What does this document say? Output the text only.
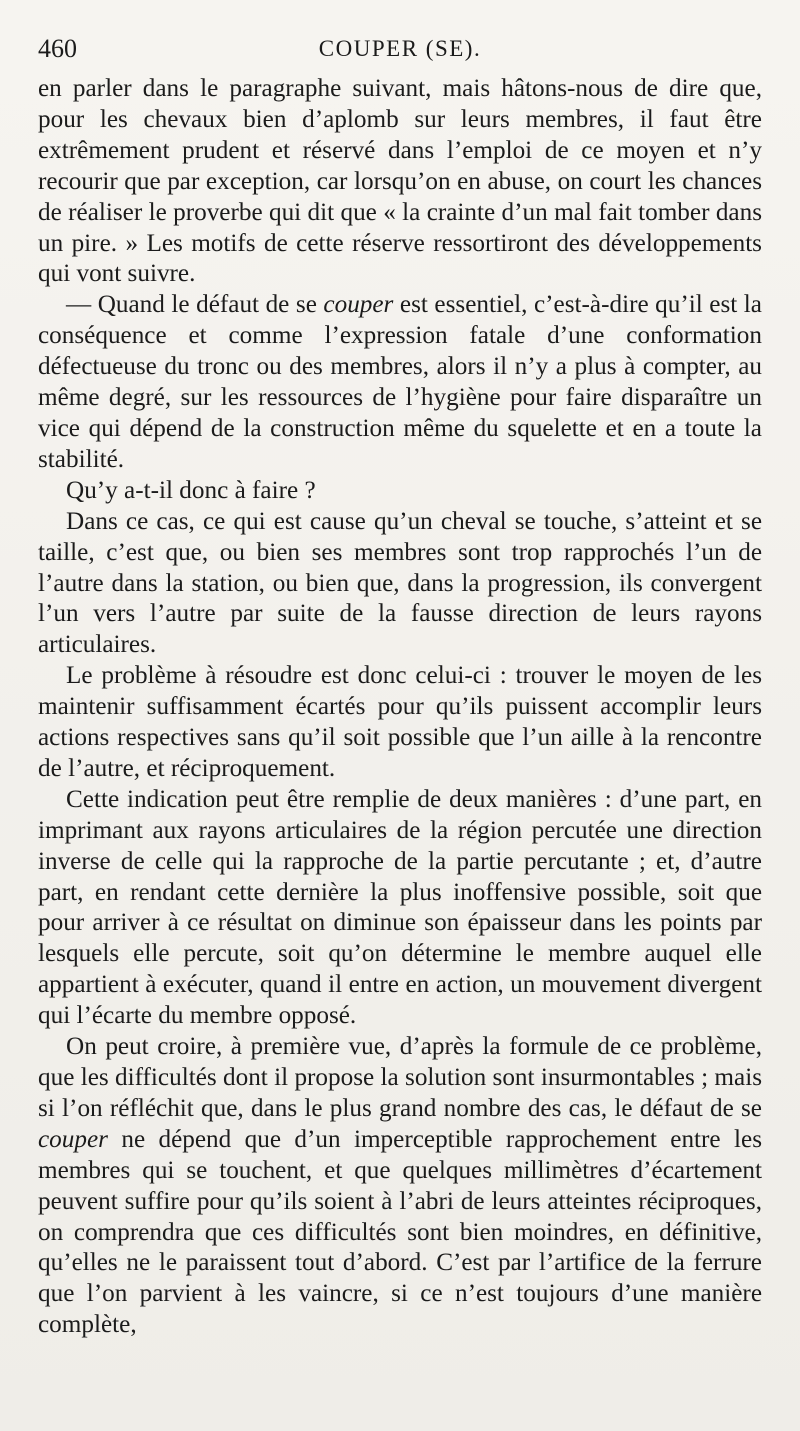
460	COUPER (SE).

en parler dans le paragraphe suivant, mais hâtons-nous de dire que, pour les chevaux bien d’aplomb sur leurs membres, il faut être extrêmement prudent et réservé dans l’emploi de ce moyen et n’y recourir que par exception, car lorsqu’on en abuse, on court les chances de réaliser le proverbe qui dit que « la crainte d’un mal fait tomber dans un pire. » Les motifs de cette réserve ressortiront des développements qui vont suivre.

— Quand le défaut de se couper est essentiel, c’est-à-dire qu’il est la conséquence et comme l’expression fatale d’une conformation défectueuse du tronc ou des membres, alors il n’y a plus à compter, au même degré, sur les ressources de l’hygiène pour faire disparaître un vice qui dépend de la construction même du squelette et en a toute la stabilité.

Qu’y a-t-il donc à faire ?

Dans ce cas, ce qui est cause qu’un cheval se touche, s’atteint et se taille, c’est que, ou bien ses membres sont trop rapprochés l’un de l’autre dans la station, ou bien que, dans la progression, ils convergent l’un vers l’autre par suite de la fausse direction de leurs rayons articulaires.

Le problème à résoudre est donc celui-ci : trouver le moyen de les maintenir suffisamment écartés pour qu’ils puissent accomplir leurs actions respectives sans qu’il soit possible que l’un aille à la rencontre de l’autre, et réciproquement.

Cette indication peut être remplie de deux manières : d’une part, en imprimant aux rayons articulaires de la région percutée une direction inverse de celle qui la rapproche de la partie percutante ; et, d’autre part, en rendant cette dernière la plus inoffensive possible, soit que pour arriver à ce résultat on diminue son épaisseur dans les points par lesquels elle percute, soit qu’on détermine le membre auquel elle appartient à exécuter, quand il entre en action, un mouvement divergent qui l’écarte du membre opposé.

On peut croire, à première vue, d’après la formule de ce problème, que les difficultés dont il propose la solution sont insurmontables ; mais si l’on réfléchit que, dans le plus grand nombre des cas, le défaut de se couper ne dépend que d’un imperceptible rapprochement entre les membres qui se touchent, et que quelques millimètres d’écartement peuvent suffire pour qu’ils soient à l’abri de leurs atteintes réciproques, on comprendra que ces difficultés sont bien moindres, en définitive, qu’elles ne le paraissent tout d’abord. C’est par l’artifice de la ferrure que l’on parvient à les vaincre, si ce n’est toujours d’une manière complète,
